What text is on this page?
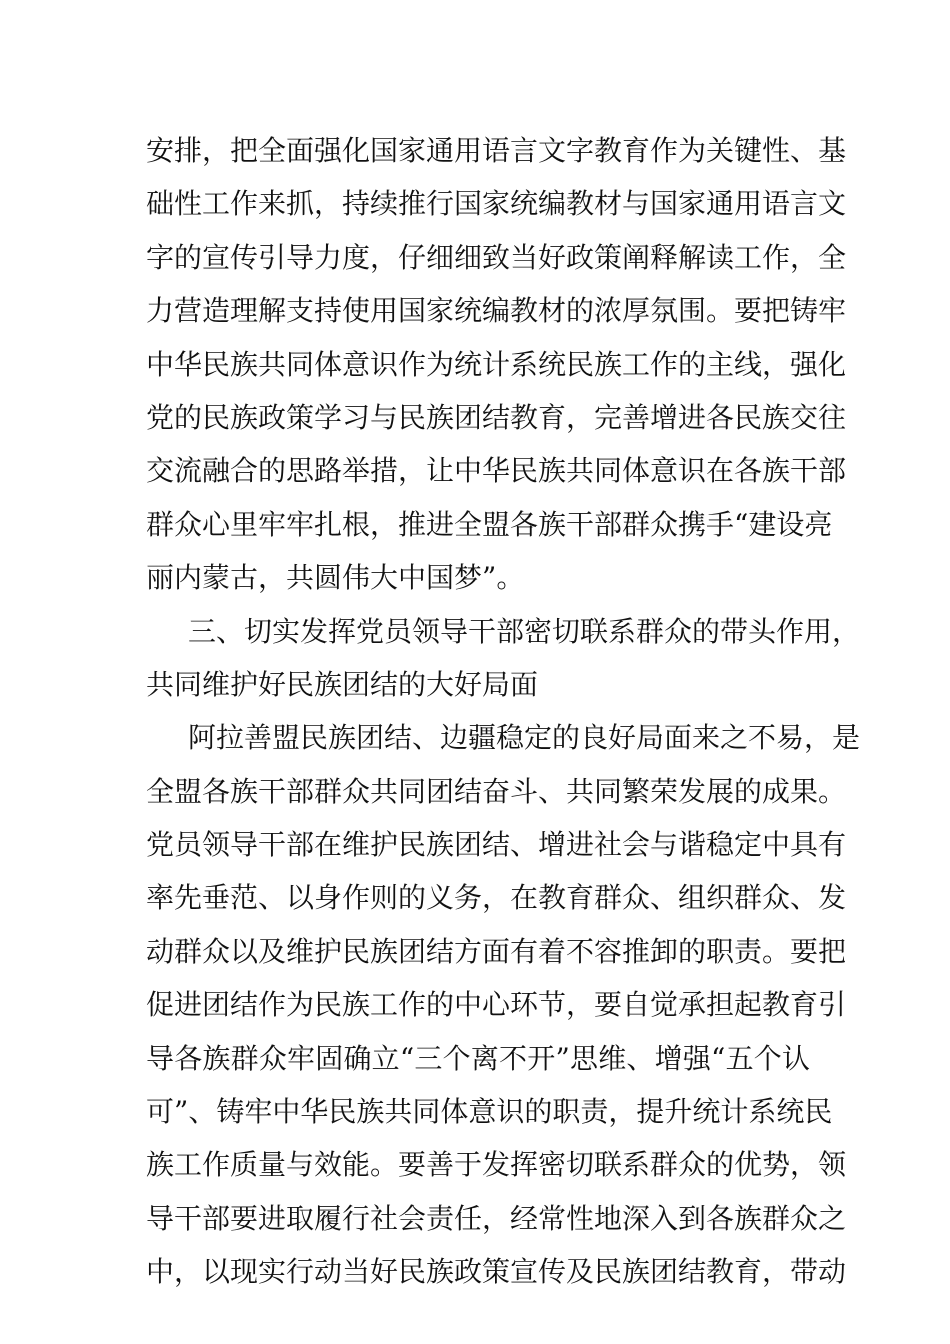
安排，把全面强化国家通用语言文字教育作为关键性、基
础性工作来抓，持续推行国家统编教材与国家通用语言文
字的宣传引导力度，仔细细致当好政策阐释解读工作，全
力营造理解支持使用国家统编教材的浓厚氛围。要把铸牢
中华民族共同体意识作为统计系统民族工作的主线，强化
党的民族政策学习与民族团结教育，完善增进各民族交往
交流融合的思路举措，让中华民族共同体意识在各族干部
群众心里牢牢扎根，推进全盟各族干部群众携手“建设亮
丽内蒙古，共圆伟大中国梦”。
三、切实发挥党员领导干部密切联系群众的带头作用，
共同维护好民族团结的大好局面
阿拉善盟民族团结、边疆稳定的良好局面来之不易，是
全盟各族干部群众共同团结奋斗、共同繁荣发展的成果。
党员领导干部在维护民族团结、增进社会与谐稳定中具有
率先垂范、以身作则的义务，在教育群众、组织群众、发
动群众以及维护民族团结方面有着不容推卸的职责。要把
促进团结作为民族工作的中心环节，要自觉承担起教育引
导各族群众牢固确立“三个离不开”思维、增强“五个认
可”、铸牢中华民族共同体意识的职责，提升统计系统民
族工作质量与效能。要善于发挥密切联系群众的优势，领
导干部要进取履行社会责任，经常性地深入到各族群众之
中，以现实行动当好民族政策宣传及民族团结教育，带动
